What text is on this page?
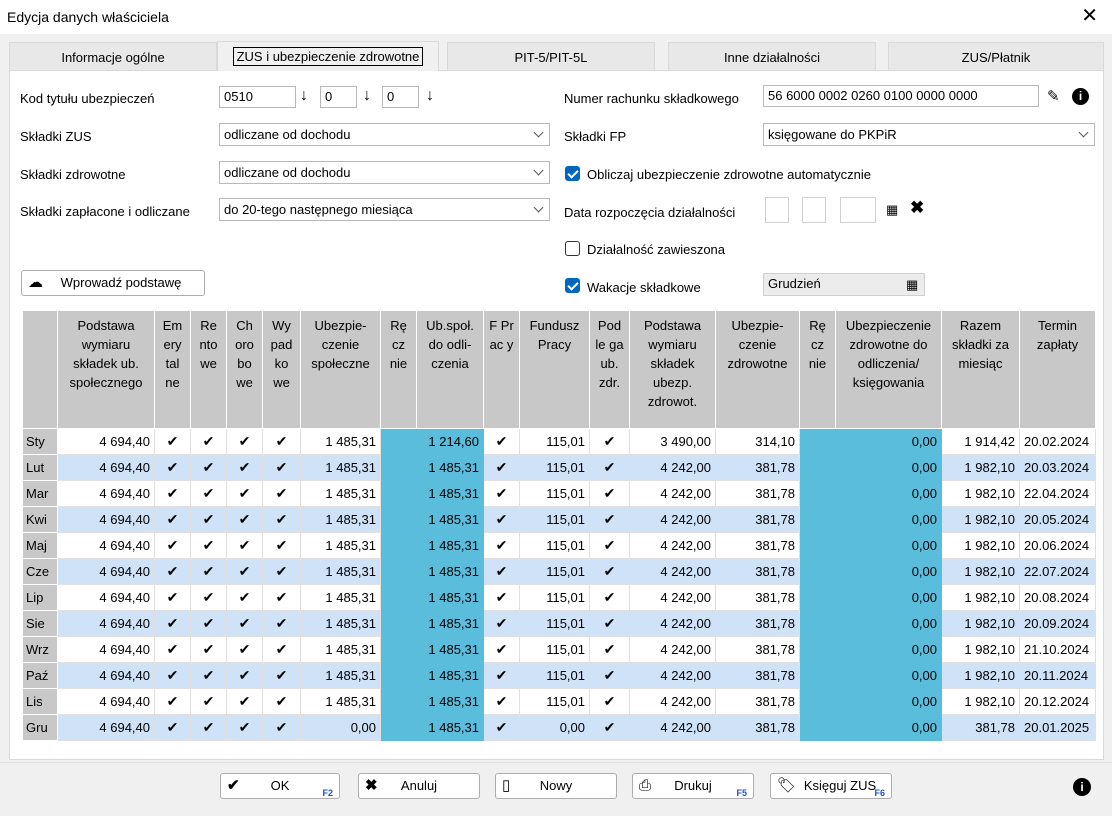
Edycja danych właściciela	✕
Informacje ogólne	ZUS i ubezpieczenie zdrowotne	PIT-5/PIT-5L	Inne działalności	ZUS/Płatnik
Kod tytułu ubezpieczeń	0510	↓	0	↓	0	↓
Składki ZUS	odliczane od dochodu
Składki zdrowotne	odliczane od dochodu
Składki zapłacone i odliczane	do 20-tego następnego miesiąca
Numer rachunku składkowego	56 6000 0002 0260 0100 0000 0000	✎	i
Składki FP	księgowane do PKPiR
Obliczaj ubezpieczenie zdrowotne automatycznie
Data rozpoczęcia działalności	▦ ✖
Działalność zawieszona
Wakacje składkowe	Grudzień	▦
☁	Wprowadź podstawę
	Podstawa wymiaru składek ub. społecznego	Em ery tal ne	Re nto we	Ch oro bo we	Wy pad ko we	Ubezpie- czenie społeczne	Rę cz nie	Ub.społ. do odli- czenia	F Pr ac y	Fundusz Pracy	Pod le ga ub. zdr.	Podstawa wymiaru składek ubezp. zdrowot.	Ubezpie- czenie zdrowotne	Rę cz nie	Ubezpieczenie zdrowotne do odliczenia/ księgowania	Razem składki za miesiąc	Termin zapłaty
Sty	4 694,40	✔	✔	✔	✔	1 485,31		1 214,60	✔	115,01	✔	3 490,00	314,10		0,00	1 914,42	20.02.2024
Lut	4 694,40	✔	✔	✔	✔	1 485,31		1 485,31	✔	115,01	✔	4 242,00	381,78		0,00	1 982,10	20.03.2024
Mar	4 694,40	✔	✔	✔	✔	1 485,31		1 485,31	✔	115,01	✔	4 242,00	381,78		0,00	1 982,10	22.04.2024
Kwi	4 694,40	✔	✔	✔	✔	1 485,31		1 485,31	✔	115,01	✔	4 242,00	381,78		0,00	1 982,10	20.05.2024
Maj	4 694,40	✔	✔	✔	✔	1 485,31		1 485,31	✔	115,01	✔	4 242,00	381,78		0,00	1 982,10	20.06.2024
Cze	4 694,40	✔	✔	✔	✔	1 485,31		1 485,31	✔	115,01	✔	4 242,00	381,78		0,00	1 982,10	22.07.2024
Lip	4 694,40	✔	✔	✔	✔	1 485,31		1 485,31	✔	115,01	✔	4 242,00	381,78		0,00	1 982,10	20.08.2024
Sie	4 694,40	✔	✔	✔	✔	1 485,31		1 485,31	✔	115,01	✔	4 242,00	381,78		0,00	1 982,10	20.09.2024
Wrz	4 694,40	✔	✔	✔	✔	1 485,31		1 485,31	✔	115,01	✔	4 242,00	381,78		0,00	1 982,10	21.10.2024
Paź	4 694,40	✔	✔	✔	✔	1 485,31		1 485,31	✔	115,01	✔	4 242,00	381,78		0,00	1 982,10	20.11.2024
Lis	4 694,40	✔	✔	✔	✔	1 485,31		1 485,31	✔	115,01	✔	4 242,00	381,78		0,00	1 982,10	20.12.2024
Gru	4 694,40	✔	✔	✔	✔	0,00		1 485,31	✔	0,00	✔	4 242,00	381,78		0,00	381,78	20.01.2025
✔	OK	F2 ✖	Anuluj	▯	Nowy	⎙	Drukuj	F5 🏷 Księguj ZUS
F6	i
